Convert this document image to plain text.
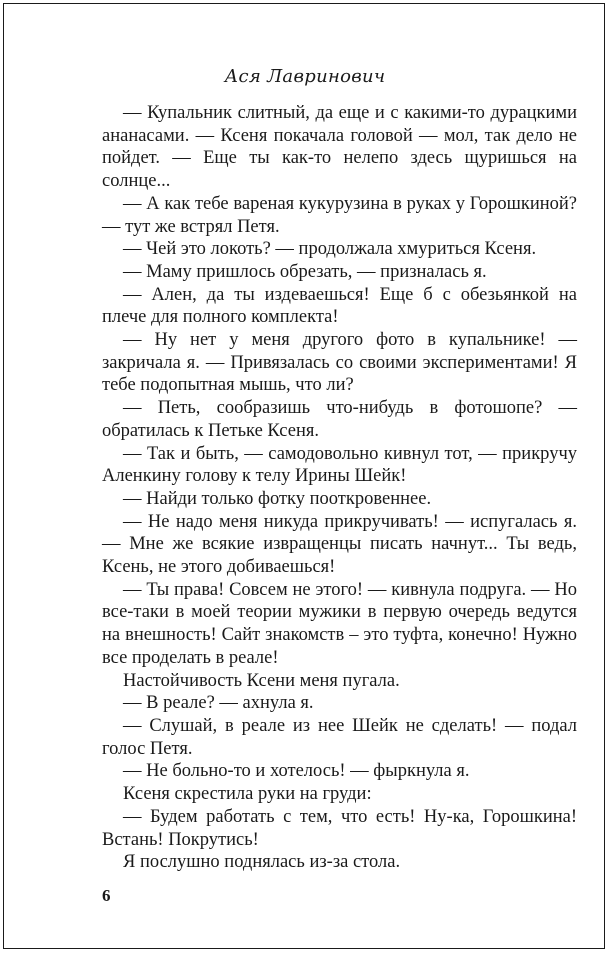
Ася Лавринович

— Купальник слитный, да еще и с какими-то дурацкими ананасами. — Ксеня покачала головой — мол, так дело не пойдет. — Еще ты как-то нелепо здесь щуришься на солнце...

— А как тебе вареная кукурузина в руках у Горошкиной? — тут же встрял Петя.

— Чей это локоть? — продолжала хмуриться Ксеня.

— Маму пришлось обрезать, — призналась я.

— Ален, да ты издеваешься! Еще б с обезьянкой на плече для полного комплекта!

— Ну нет у меня другого фото в купальнике! — закричала я. — Привязалась со своими экспериментами! Я тебе подопытная мышь, что ли?

— Петь, сообразишь что-нибудь в фотошопе? — обратилась к Петьке Ксеня.

— Так и быть, — самодовольно кивнул тот, — прикручу Аленкину голову к телу Ирины Шейк!

— Найди только фотку пооткровеннее.

— Не надо меня никуда прикручивать! — испугалась я. — Мне же всякие извращенцы писать начнут... Ты ведь, Ксень, не этого добиваешься!

— Ты права! Совсем не этого! — кивнула подруга. — Но все-таки в моей теории мужики в первую очередь ведутся на внешность! Сайт знакомств – это туфта, конечно! Нужно все проделать в реале!

Настойчивость Ксени меня пугала.

— В реале? — ахнула я.

— Слушай, в реале из нее Шейк не сделать! — подал голос Петя.

— Не больно-то и хотелось! — фыркнула я.

Ксеня скрестила руки на груди:

— Будем работать с тем, что есть! Ну-ка, Горошкина! Встань! Покрутись!

Я послушно поднялась из-за стола.

6
